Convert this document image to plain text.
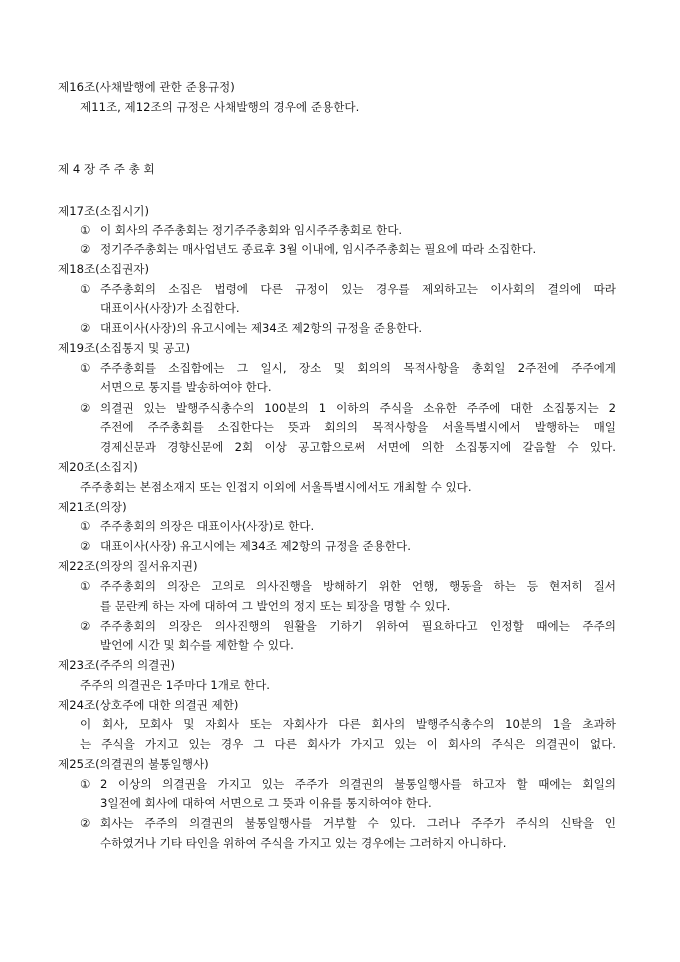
제16조(사채발행에 관한 준용규정)
제11조, 제12조의 규정은 사채발행의 경우에 준용한다.
제 4 장 주 주 총 회
제17조(소집시기)
① 이 회사의 주주총회는 정기주주총회와 임시주주총회로 한다.
② 정기주주총회는 매사업년도 종료후 3월 이내에, 임시주주총회는 필요에 따라 소집한다.
제18조(소집권자)
① 주주총회의 소집은 법령에 다른 규정이 있는 경우를 제외하고는 이사회의 결의에 따라
대표이사(사장)가 소집한다.
② 대표이사(사장)의 유고시에는 제34조 제2항의 규정을 준용한다.
제19조(소집통지 및 공고)
① 주주총회를 소집함에는 그 일시, 장소 및 회의의 목적사항을 총회일 2주전에 주주에게
서면으로 통지를 발송하여야 한다.
② 의결권 있는 발행주식총수의 100분의 1 이하의 주식을 소유한 주주에 대한 소집통지는 2
주전에 주주총회를 소집한다는 뜻과 회의의 목적사항을 서울특별시에서 발행하는 매일
경제신문과 경향신문에 2회 이상 공고함으로써 서면에 의한 소집통지에 갈음할 수 있다.
제20조(소집지)
주주총회는 본점소재지 또는 인접지 이외에 서울특별시에서도 개최할 수 있다.
제21조(의장)
① 주주총회의 의장은 대표이사(사장)로 한다.
② 대표이사(사장) 유고시에는 제34조 제2항의 규정을 준용한다.
제22조(의장의 질서유지권)
① 주주총회의 의장은 고의로 의사진행을 방해하기 위한 언행, 행동을 하는 등 현저히 질서
를 문란케 하는 자에 대하여 그 발언의 정지 또는 퇴장을 명할 수 있다.
② 주주총회의 의장은 의사진행의 원활을 기하기 위하여 필요하다고 인정할 때에는 주주의
발언에 시간 및 회수를 제한할 수 있다.
제23조(주주의 의결권)
주주의 의결권은 1주마다 1개로 한다.
제24조(상호주에 대한 의결권 제한)
이 회사, 모회사 및 자회사 또는 자회사가 다른 회사의 발행주식총수의 10분의 1을 초과하
는 주식을 가지고 있는 경우 그 다른 회사가 가지고 있는 이 회사의 주식은 의결권이 없다.
제25조(의결권의 불통일행사)
① 2 이상의 의결권을 가지고 있는 주주가 의결권의 불통일행사를 하고자 할 때에는 회일의
3일전에 회사에 대하여 서면으로 그 뜻과 이유를 통지하여야 한다.
② 회사는 주주의 의결권의 불통일행사를 거부할 수 있다. 그러나 주주가 주식의 신탁을 인
수하였거나 기타 타인을 위하여 주식을 가지고 있는 경우에는 그러하지 아니하다.
